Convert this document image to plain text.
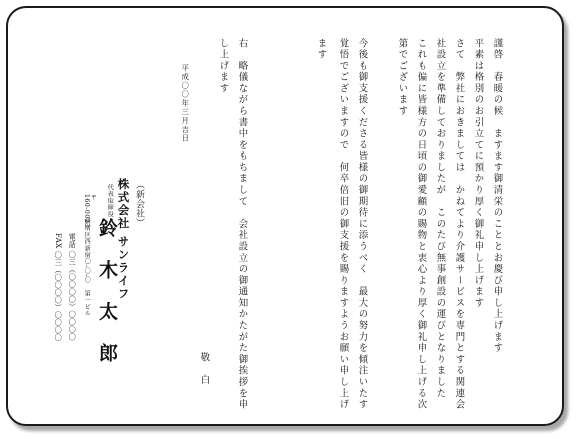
謹啓　春暖の候　ますます御清栄のこととお慶び申し上げます
平素は格別のお引立てに預かり厚く御礼申し上げます
さて　弊社におきましては　かねてより介護サービスを専門とする関連会
社設立を準備しておりましたが　このたび無事創設の運びとなりました
これも偏に皆様方の日頃の御愛顧の賜物と衷心より厚く御礼申し上げる次
第でございます
今後も御支援くださる皆様の御期待に添うべく　最大の努力を傾注いたす
覚悟でございますので　何卒倍旧の御支援を賜りますようお願い申し上げ
ます
右　略儀ながら書中をもちまして　会社設立の御通知かたがた御挨拶を申
し上げます
敬　白
平成〇〇年三月吉日
（新会社）
株式会社 サンライフ
代表取締役
鈴 木 太 郎
〒
160-0023
新宿区西新宿〇-〇-〇　第一ビル
電話 〇三（〇〇〇〇）〇〇〇〇
FAX 〇三（〇〇〇〇）〇〇〇〇
